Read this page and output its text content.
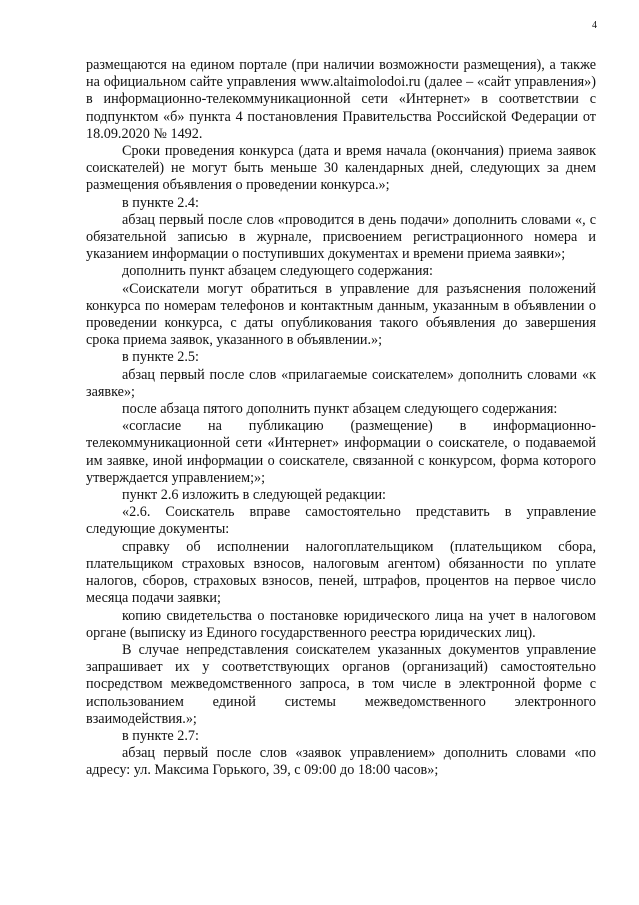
4

размещаются на едином портале (при наличии возможности размещения), а также на официальном сайте управления www.altaimolodoi.ru (далее – «сайт управления») в информационно-телекоммуникационной сети «Интернет» в соответствии с подпунктом «б» пункта 4 постановления Правительства Российской Федерации от 18.09.2020 № 1492.

Сроки проведения конкурса (дата и время начала (окончания) приема заявок соискателей) не могут быть меньше 30 календарных дней, следующих за днем размещения объявления о проведении конкурса.»;

в пункте 2.4:

абзац первый после слов «проводится в день подачи» дополнить словами «, с обязательной записью в журнале, присвоением регистрационного номера и указанием информации о поступивших документах и времени приема заявки»;

дополнить пункт абзацем следующего содержания:

«Соискатели могут обратиться в управление для разъяснения положений конкурса по номерам телефонов и контактным данным, указанным в объявлении о проведении конкурса, с даты опубликования такого объявления до завершения срока приема заявок, указанного в объявлении.»;

в пункте 2.5:

абзац первый после слов «прилагаемые соискателем» дополнить словами «к заявке»;

после абзаца пятого дополнить пункт абзацем следующего содержания:

«согласие на публикацию (размещение) в информационно-телекоммуникационной сети «Интернет» информации о соискателе, о подаваемой им заявке, иной информации о соискателе, связанной с конкурсом, форма которого утверждается управлением;»;

пункт 2.6 изложить в следующей редакции:

«2.6. Соискатель вправе самостоятельно представить в управление следующие документы:

справку об исполнении налогоплательщиком (плательщиком сбора, плательщиком страховых взносов, налоговым агентом) обязанности по уплате налогов, сборов, страховых взносов, пеней, штрафов, процентов на первое число месяца подачи заявки;

копию свидетельства о постановке юридического лица на учет в налоговом органе (выписку из Единого государственного реестра юридических лиц).

В случае непредставления соискателем указанных документов управление запрашивает их у соответствующих органов (организаций) самостоятельно посредством межведомственного запроса, в том числе в электронной форме с использованием единой системы межведомственного электронного взаимодействия.»;

в пункте 2.7:

абзац первый после слов «заявок управлением» дополнить словами «по адресу: ул. Максима Горького, 39, с 09:00 до 18:00 часов»;
